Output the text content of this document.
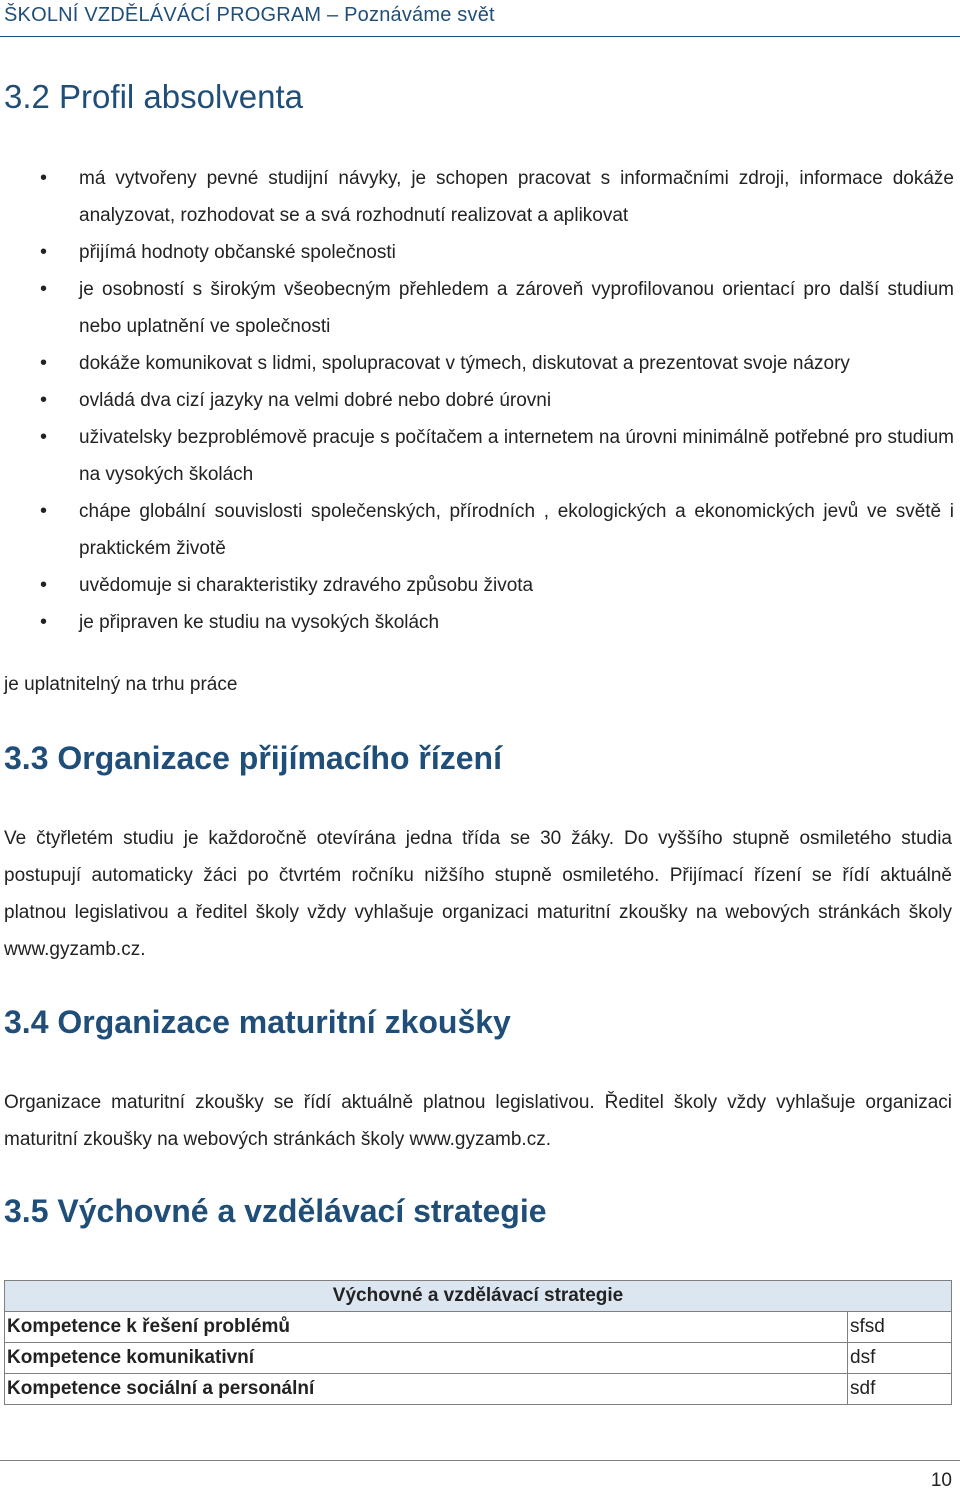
ŠKOLNÍ VZDĚLÁVÁCÍ PROGRAM – Poznáváme svět
3.2 Profil absolventa
• má vytvořeny pevné studijní návyky, je schopen pracovat s informačními zdroji, informace dokáže analyzovat, rozhodovat se a svá rozhodnutí realizovat a aplikovat
• přijímá hodnoty občanské společnosti
• je osobností s širokým všeobecným přehledem a zároveň vyprofilovanou orientací pro další studium nebo uplatnění ve společnosti
• dokáže komunikovat s lidmi, spolupracovat v týmech, diskutovat a prezentovat svoje názory
• ovládá dva cizí jazyky na velmi dobré nebo dobré úrovni
• uživatelsky bezproblémově pracuje s počítačem a internetem na úrovni minimálně potřebné pro studium na vysokých školách
• chápe globální souvislosti společenských, přírodních , ekologických a ekonomických jevů ve světě i praktickém životě
• uvědomuje si charakteristiky zdravého způsobu života
• je připraven ke studiu na vysokých školách

je uplatnitelný na trhu práce

3.3 Organizace přijímacího řízení

Ve čtyřletém studiu je každoročně otevírána jedna třída se 30 žáky. Do vyššího stupně osmiletého studia postupují automaticky žáci po čtvrtém ročníku nižšího stupně osmiletého. Přijímací řízení se řídí aktuálně platnou legislativou a ředitel školy vždy vyhlašuje organizaci maturitní zkoušky na webových stránkách školy www.gyzamb.cz.

3.4 Organizace maturitní zkoušky

Organizace maturitní zkoušky se řídí aktuálně platnou legislativou. Ředitel školy vždy vyhlašuje organizaci maturitní zkoušky na webových stránkách školy www.gyzamb.cz.

3.5 Výchovné a vzdělávací strategie
Výchovné a vzdělávací strategie	
Kompetence k řešení problémů	sfsd
Kompetence komunikativní	dsf
Kompetence sociální a personální	sdf
10
